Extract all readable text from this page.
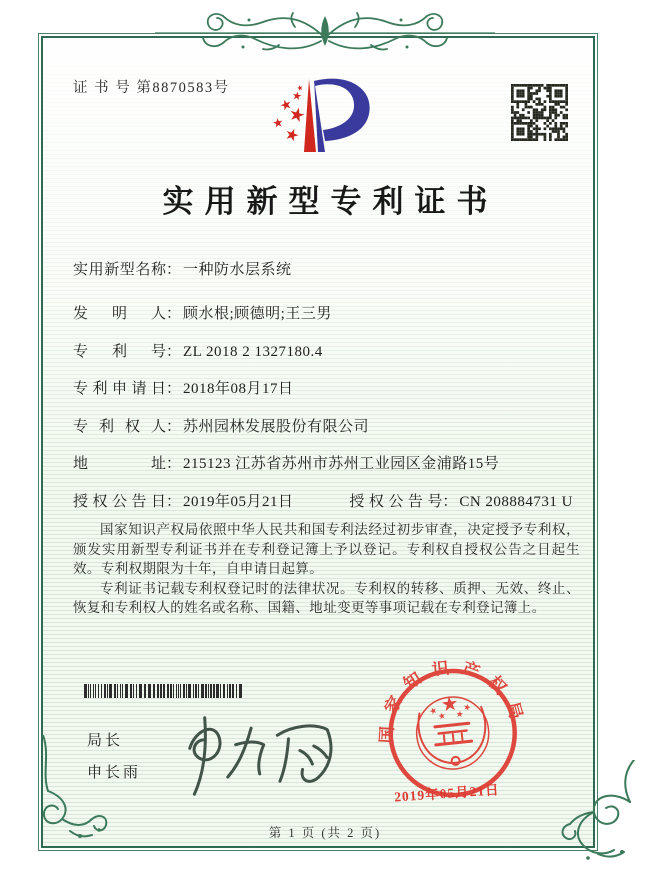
证 书 号 第8870583号
实用新型专利证书
实用新型名称 ： 一种防水层系统
发明人 ： 顾水根;顾德明;王三男
专利号 ： ZL 2018 2 1327180.4
专利申请日 ： 2018年08月17日
专利权人 ： 苏州园林发展股份有限公司
地址 ： 215123 江苏省苏州市苏州工业园区金浦路15号
授权公告日 ： 2019年05月21日	授权公告号： CN 208884731 U

国家知识产权局依照中华人民共和国专利法经过初步审查，决定授予专利权，颁发实用新型专利证书并在专利登记簿上予以登记。专利权自授权公告之日起生效。专利权期限为十年，自申请日起算。

专利证书记载专利权登记时的法律状况。专利权的转移、质押、无效、终止、恢复和专利权人的姓名或名称、国籍、地址变更等事项记载在专利登记簿上。

局长
申长雨
国家知识产权局
2019年05月21日
第 1 页 (共 2 页)
